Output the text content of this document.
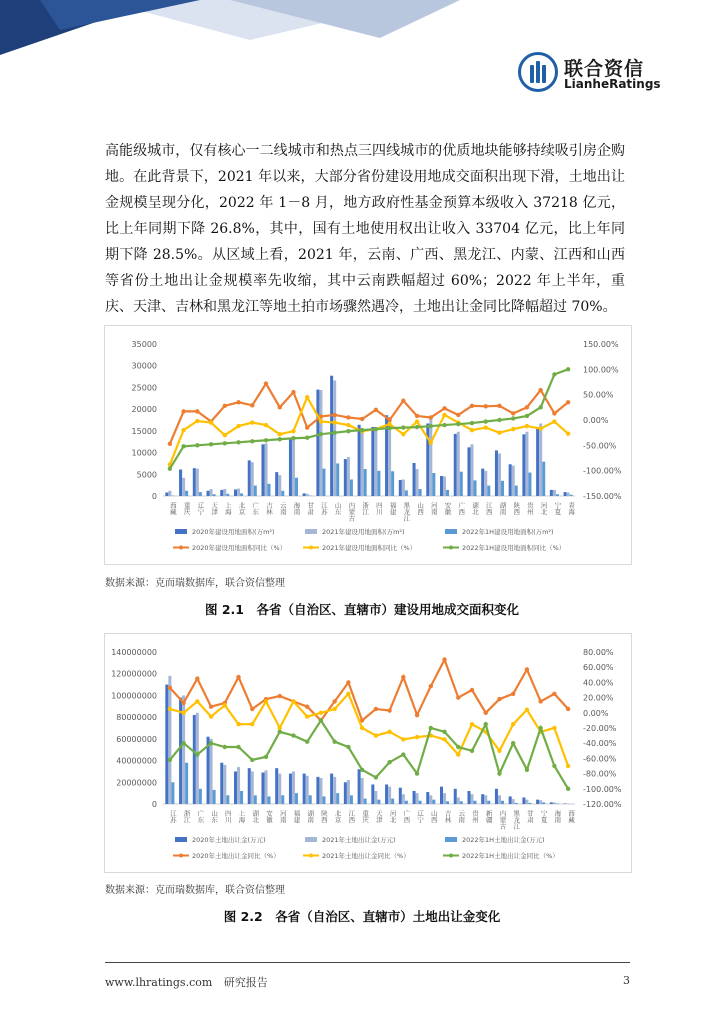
联合资信
LianheRatings

高能级城市，仅有核心一二线城市和热点三四线城市的优质地块能够持续吸引房企购地。在此背景下，2021 年以来，大部分省份建设用地成交面积出现下滑，土地出让金规模呈现分化，2022 年 1－8 月，地方政府性基金预算本级收入 37218 亿元，比上年同期下降 26.8%，其中，国有土地使用权出让收入 33704 亿元，比上年同期下降 28.5%。从区域上看，2021 年，云南、广西、黑龙江、内蒙、江西和山西等省份土地出让金规模率先收缩，其中云南跌幅超过 60%；2022 年上半年，重庆、天津、吉林和黑龙江等地土拍市场骤然遇冷，土地出让金同比降幅超过 70%。

0
5000
10000
15000
20000
25000
30000
35000
-150.00%
-100.00%
-50.00%
0.00%
50.00%
100.00%
150.00%
西藏 重庆 辽宁 天津 上海 北京 广东 吉林 云南 海南 甘肃 江苏 山东 内蒙古 浙江 四川 福建 黑龙江 山西 河南 安徽 广西 湖北 江西 湖南 陕西 贵州 河北 宁夏 青海
2020年建设用地面积(万m²)	2021年建设用地面积(万m²)	2022年1H建设用地面积(万m²)
2020年建设用地面积同比（%）	2021年建设用地面积同比（%）	2022年1H建设用地面积同比（%）
数据来源：克而瑞数据库，联合资信整理
图 2.1　各省（自治区、直辖市）建设用地成交面积变化
0
20000000
40000000
60000000
80000000
100000000
120000000
140000000
-120.00%
-100.00%
-80.00%
-60.00%
-40.00%
-20.00%
0.00%
20.00%
40.00%
60.00%
80.00%
江苏 浙江 广东 山东 四川 上海 湖北 安徽 河南 福建 湖南 陕西 北京 江西 重庆 天津 河北 广西 辽宁 山西 吉林 云南 贵州 新疆 内蒙古 黑龙江 甘肃 宁夏 海南 西藏
2020年土地出让金(万元)	2021年土地出让金(万元)	2022年1H土地出让金(万元)
2020年土地出让金同比（%）	2021年土地出让金同比（%）	2022年1H土地出让金同比（%）
数据来源：克而瑞数据库，联合资信整理
图 2.2　各省（自治区、直辖市）土地出让金变化
www.lhratings.com 研究报告	3
